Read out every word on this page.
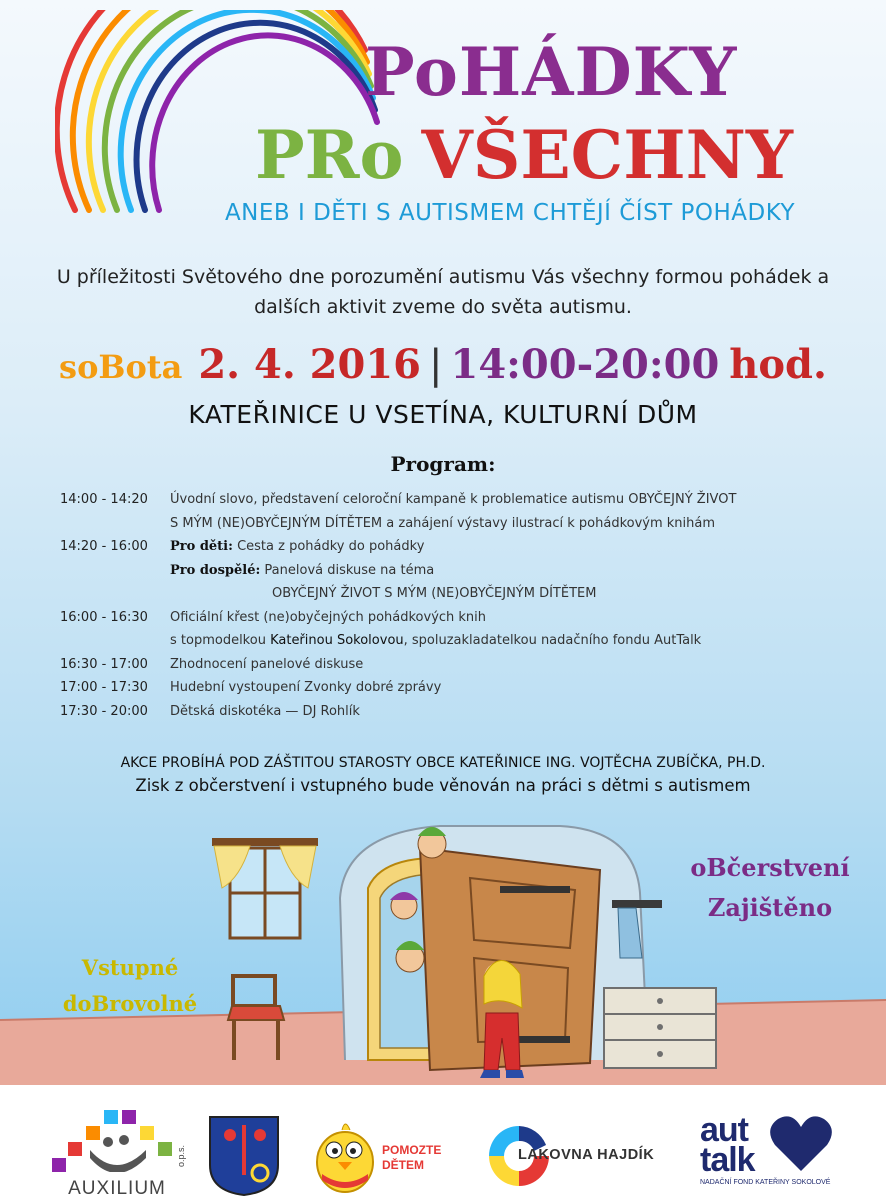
PoHÁDKY
PRo VŠECHNY
ANEB I DĚTI S AUTISMEM CHTĚJÍ ČÍST POHÁDKY
U příležitosti Světového dne porozumění autismu Vás všechny formou pohádek a dalších aktivit zveme do světa autismu.
soBota 2. 4. 2016 | 14:00-20:00 hod.
KATEŘINICE U VSETÍNA, KULTURNÍ DŮM
Program:
14:00 - 14:20	Úvodní slovo, představení celoroční kampaně k problematice autismu OBYČEJNÝ ŽIVOT
S MÝM (NE)OBYČEJNÝM DÍTĚTEM a zahájení výstavy ilustrací k pohádkovým knihám
14:20 - 16:00	Pro děti: Cesta z pohádky do pohádky
Pro dospělé: Panelová diskuse na téma
OBYČEJNÝ ŽIVOT S MÝM (NE)OBYČEJNÝM DÍTĚTEM
16:00 - 16:30	Oficiální křest (ne)obyčejných pohádkových knih
s topmodelkou Kateřinou Sokolovou, spoluzakladatelkou nadačního fondu AutTalk
16:30 - 17:00	Zhodnocení panelové diskuse
17:00 - 17:30	Hudební vystoupení Zvonky dobré zprávy
17:30 - 20:00	Dětská diskotéka — DJ Rohlík
AKCE PROBÍHÁ POD ZÁŠTITOU STAROSTY OBCE KATEŘINICE ING. VOJTĚCHA ZUBÍČKA, PH.D.
Zisk z občerstvení i vstupného bude věnován na práci s dětmi s autismem
oBčerstvení
Zajištěno
Vstupné
doBrovolné
AUXILIUM
o.p.s.	POMOZTE
DĚTEM
LAKOVNA HAJDÍK
aut
talk
NADAČNÍ FOND KATEŘINY SOKOLOVÉ
